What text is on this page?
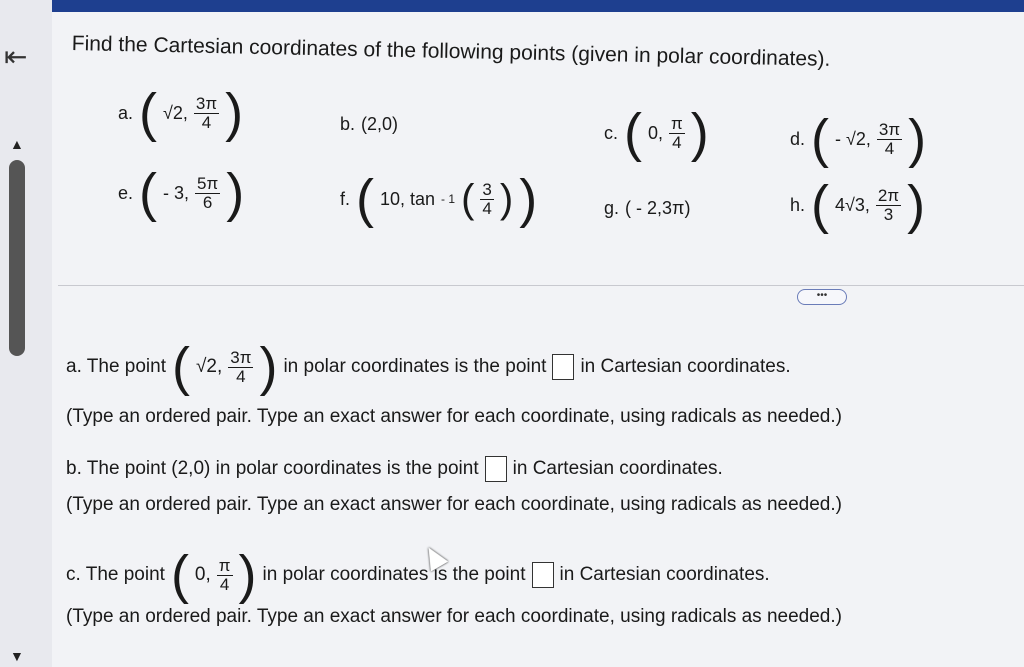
⇤
▲
▼
Find the Cartesian coordinates of the following points (given in polar coordinates).
a. ( √2, $\frac{3\pi}{4}$ )	b. (2,0)	c. ( 0, $\frac{\pi}{4}$ )	d. ( - √2, $\frac{3\pi}{4}$ )
e. ( - 3, $\frac{5\pi}{6}$ )	f. ( 10, tan - 1 ( $\frac{3}{4}$ ) )	g. ( - 2,3π)	h. ( 4√3, $\frac{2\pi}{3}$ )
•••
a. The point ( √2, $\frac{3\pi}{4}$ ) in polar coordinates is the point in Cartesian coordinates.
(Type an ordered pair. Type an exact answer for each coordinate, using radicals as needed.)
b. The point (2,0) in polar coordinates is the point in Cartesian coordinates.
(Type an ordered pair. Type an exact answer for each coordinate, using radicals as needed.)
c. The point ( 0, $\frac{\pi}{4}$ ) in polar coordinates is the point in Cartesian coordinates.
(Type an ordered pair. Type an exact answer for each coordinate, using radicals as needed.)
